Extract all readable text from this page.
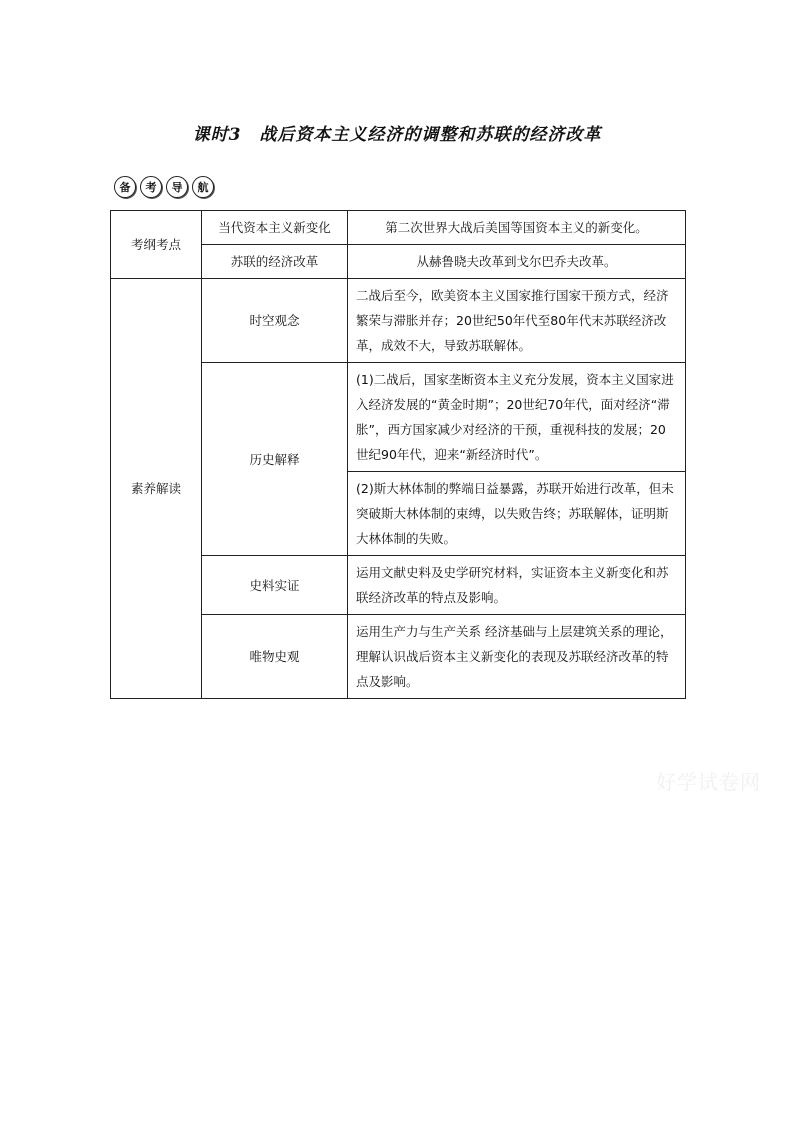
课时3 战后资本主义经济的调整和苏联的经济改革
备	考	导	航
考纲考点	当代资本主义新变化	第二次世界大战后美国等国资本主义的新变化。
	苏联的经济改革	从赫鲁晓夫改革到戈尔巴乔夫改革。
素养解读	时空观念	二战后至今，欧美资本主义国家推行国家干预方式，经济繁荣与滞胀并存；20世纪50年代至80年代末苏联经济改革，成效不大，导致苏联解体。
	历史解释	(1)二战后，国家垄断资本主义充分发展，资本主义国家进入经济发展的“黄金时期”；20世纪70年代，面对经济“滞胀”，西方国家减少对经济的干预，重视科技的发展；20世纪90年代，迎来“新经济时代”。
		(2)斯大林体制的弊端日益暴露，苏联开始进行改革，但未突破斯大林体制的束缚，以失败告终；苏联解体，证明斯大林体制的失败。
	史料实证	运用文献史料及史学研究材料，实证资本主义新变化和苏联经济改革的特点及影响。
	唯物史观	运用生产力与生产关系 经济基础与上层建筑关系的理论，理解认识战后资本主义新变化的表现及苏联经济改革的特点及影响。
好学试卷网
